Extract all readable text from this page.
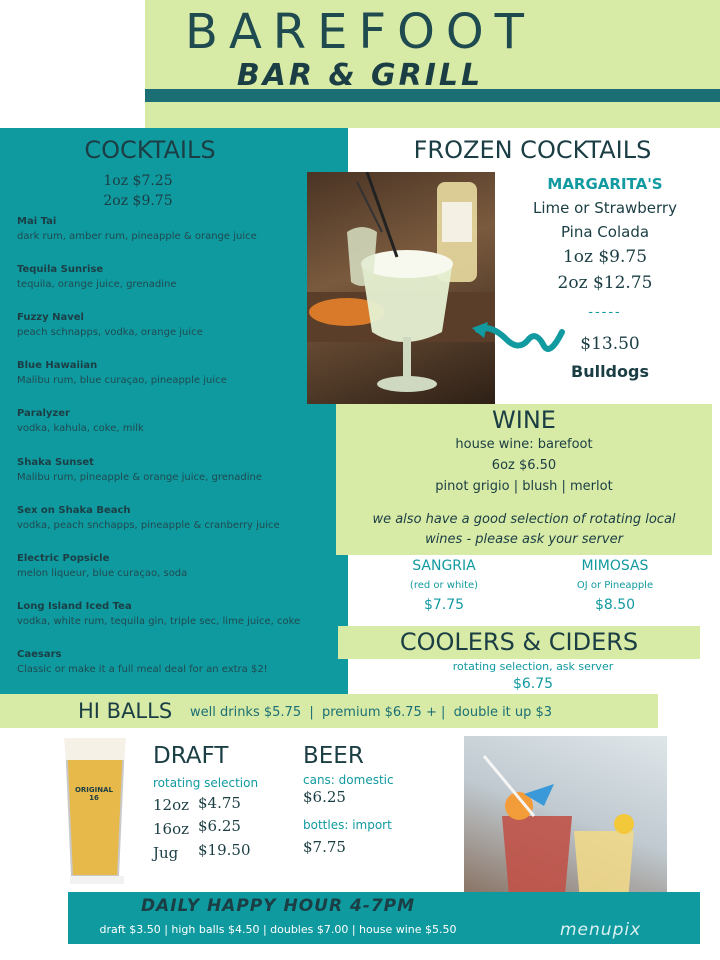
BAREFOOT
BAR & GRILL
COCKTAILS
1oz $7.25
2oz $9.75
Mai Tai
dark rum, amber rum, pineapple & orange juice
Tequila Sunrise
tequila, orange juice, grenadine
Fuzzy Navel
peach schnapps, vodka, orange juice
Blue Hawaiian
Malibu rum, blue curaçao, pineapple juice
Paralyzer
vodka, kahula, coke, milk
Shaka Sunset
Malibu rum, pineapple & orange juice, grenadine
Sex on Shaka Beach
vodka, peach snchapps, pineapple & cranberry juice
Electric Popsicle
melon liqueur, blue curaçao, soda
Long Island Iced Tea
vodka, white rum, tequila gin, triple sec, lime juice, coke
Caesars
Classic or make it a full meal deal for an extra $2!
FROZEN COCKTAILS
MARGARITA'S
Lime or Strawberry
Pina Colada
1oz $9.75
2oz $12.75
-----
$13.50
Bulldogs
WINE
house wine: barefoot
6oz $6.50
pinot grigio | blush | merlot
we also have a good selection of rotating local
wines - please ask your server
SANGRIA
(red or white)
$7.75
MIMOSAS
OJ or Pineapple
$8.50
COOLERS & CIDERS
rotating selection, ask server
$6.75
HI BALLS well drinks $5.75  |  premium $6.75 + |  double it up $3
ORIGINAL 16
DRAFT
rotating selection
12oz $4.75
16oz $6.25
Jug $19.50
BEER
cans: domestic
$6.25
bottles: import
$7.75
DAILY HAPPY HOUR 4-7PM
draft $3.50 | high balls $4.50 | doubles $7.00 | house wine $5.50	menupix
